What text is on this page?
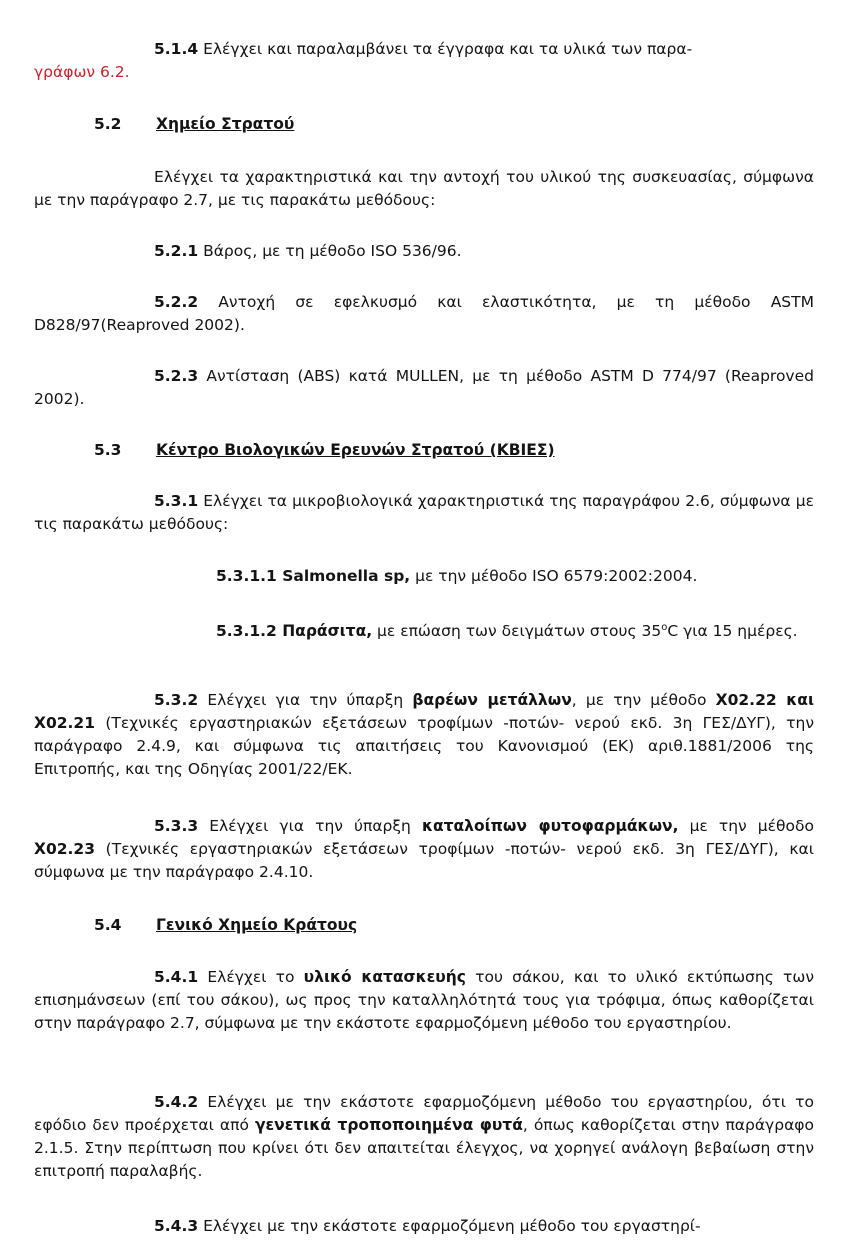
5.1.4 Ελέγχει και παραλαμβάνει τα έγγραφα και τα υλικά των παρα-
γράφων 6.2.

5.2 Χημείο Στρατού

Ελέγχει τα χαρακτηριστικά και την αντοχή του υλικού της συσκευασίας, σύμφωνα με την παράγραφο 2.7, με τις παρακάτω μεθόδους:

5.2.1 Βάρος, με τη μέθοδο ISO 536/96.

5.2.2 Αντοχή σε εφελκυσμό και ελαστικότητα, με τη μέθοδο ASTM D828/97(Reaproved 2002).

5.2.3 Αντίσταση (ABS) κατά MULLEN, με τη μέθοδο ASTM D 774/97 (Reaproved 2002).

5.3 Κέντρο Βιολογικών Ερευνών Στρατού (ΚΒΙΕΣ)

5.3.1 Ελέγχει τα μικροβιολογικά χαρακτηριστικά της παραγράφου 2.6, σύμφωνα με τις παρακάτω μεθόδους:

5.3.1.1 Salmonella sp, με την μέθοδο ISO 6579:2002:2004.

5.3.1.2 Παράσιτα, με επώαση των δειγμάτων στους 35$^o$C για 15 ημέρες.

5.3.2 Ελέγχει για την ύπαρξη βαρέων μετάλλων, με την μέθοδο Χ02.22 και Χ02.21 (Τεχνικές εργαστηριακών εξετάσεων τροφίμων -ποτών- νερού εκδ. 3η ΓΕΣ/ΔΥΓ), την παράγραφο 2.4.9, και σύμφωνα τις απαιτήσεις του Κανονισμού (ΕΚ) αριθ.1881/2006 της Επιτροπής, και της Οδηγίας 2001/22/ΕΚ.

5.3.3 Ελέγχει για την ύπαρξη καταλοίπων φυτοφαρμάκων, με την μέθοδο Χ02.23 (Τεχνικές εργαστηριακών εξετάσεων τροφίμων -ποτών- νερού εκδ. 3η ΓΕΣ/ΔΥΓ), και σύμφωνα με την παράγραφο 2.4.10.

5.4 Γενικό Χημείο Κράτους

5.4.1 Ελέγχει το υλικό κατασκευής του σάκου, και το υλικό εκτύπωσης των επισημάνσεων (επί του σάκου), ως προς την καταλληλότητά τους για τρόφιμα, όπως καθορίζεται στην παράγραφο 2.7, σύμφωνα με την εκάστοτε εφαρμοζόμενη μέθοδο του εργαστηρίου.

5.4.2 Ελέγχει με την εκάστοτε εφαρμοζόμενη μέθοδο του εργαστηρίου, ότι το εφόδιο δεν προέρχεται από γενετικά τροποποιημένα φυτά, όπως καθορίζεται στην παράγραφο 2.1.5. Στην περίπτωση που κρίνει ότι δεν απαιτείται έλεγχος, να χορηγεί ανάλογη βεβαίωση στην επιτροπή παραλαβής.

5.4.3 Ελέγχει με την εκάστοτε εφαρμοζόμενη μέθοδο του εργαστηρί-
